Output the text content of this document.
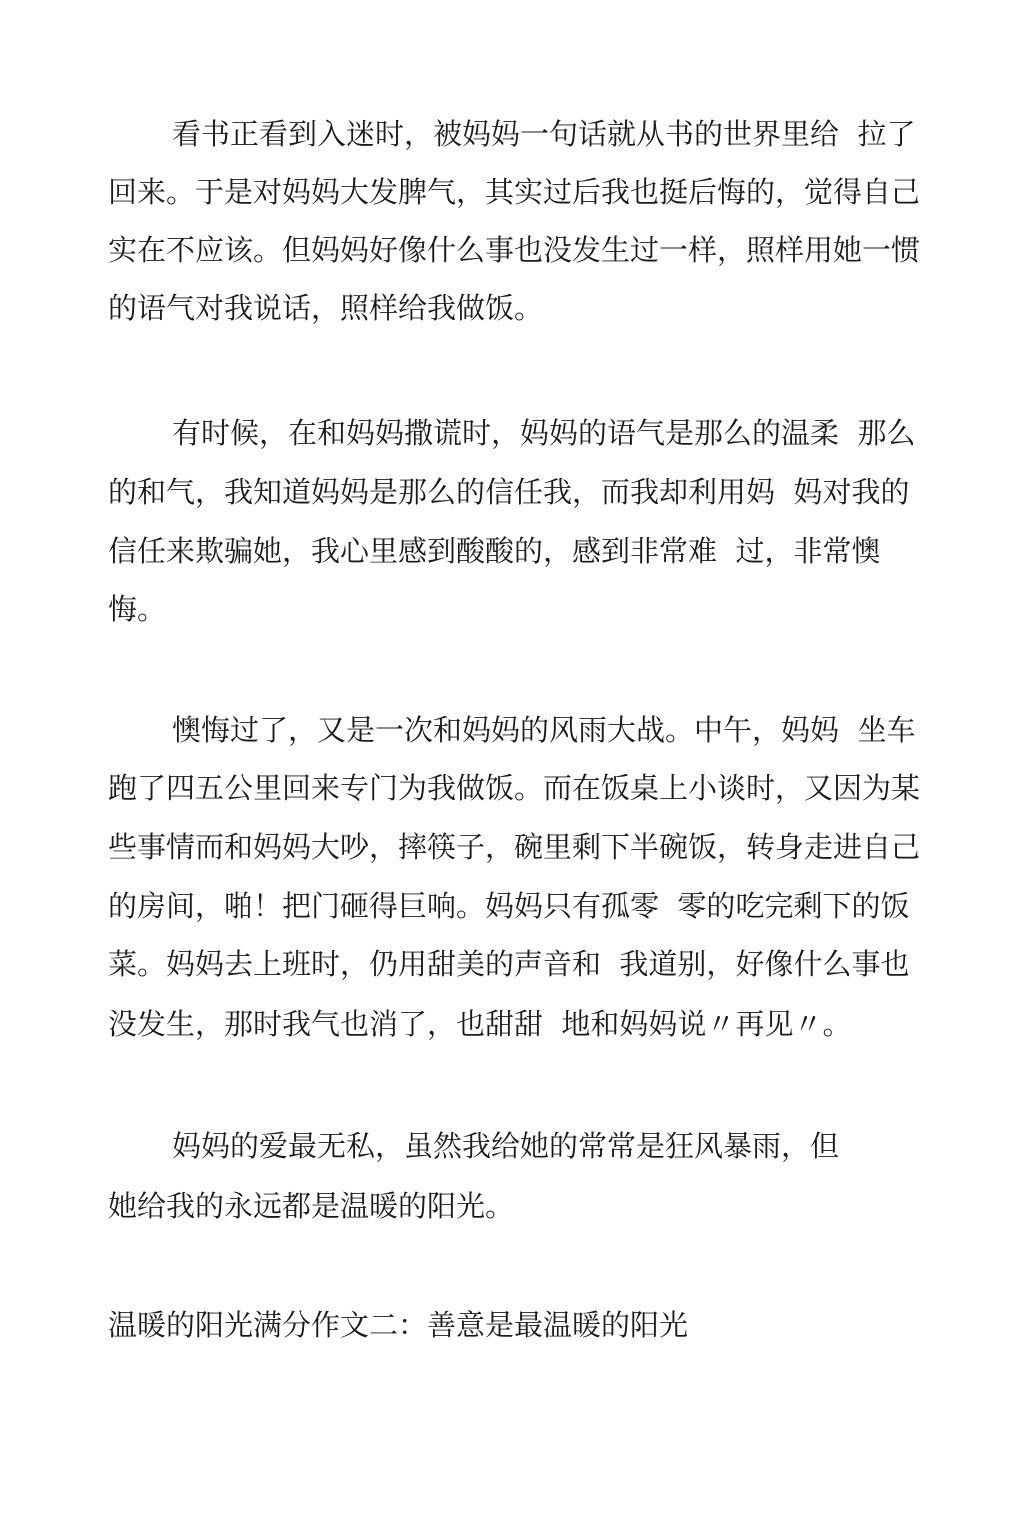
看书正看到入迷时，被妈妈一句话就从书的世界里给  拉了
回来。于是对妈妈大发脾气，其实过后我也挺后悔的，觉得自己
实在不应该。但妈妈好像什么事也没发生过一样，照样用她一惯
的语气对我说话，照样给我做饭。
有时候，在和妈妈撒谎时，妈妈的语气是那么的温柔  那么
的和气，我知道妈妈是那么的信任我，而我却利用妈  妈对我的
信任来欺骗她，我心里感到酸酸的，感到非常难  过，非常懊
悔。
懊悔过了，又是一次和妈妈的风雨大战。中午，妈妈  坐车
跑了四五公里回来专门为我做饭。而在饭桌上小谈时，又因为某
些事情而和妈妈大吵，摔筷子，碗里剩下半碗饭，转身走进自己
的房间，啪！把门砸得巨响。妈妈只有孤零  零的吃完剩下的饭
菜。妈妈去上班时，仍用甜美的声音和  我道别，好像什么事也
没发生，那时我气也消了，也甜甜  地和妈妈说〃再见〃。
妈妈的爱最无私，虽然我给她的常常是狂风暴雨，但
她给我的永远都是温暖的阳光。
温暖的阳光满分作文二：善意是最温暖的阳光
